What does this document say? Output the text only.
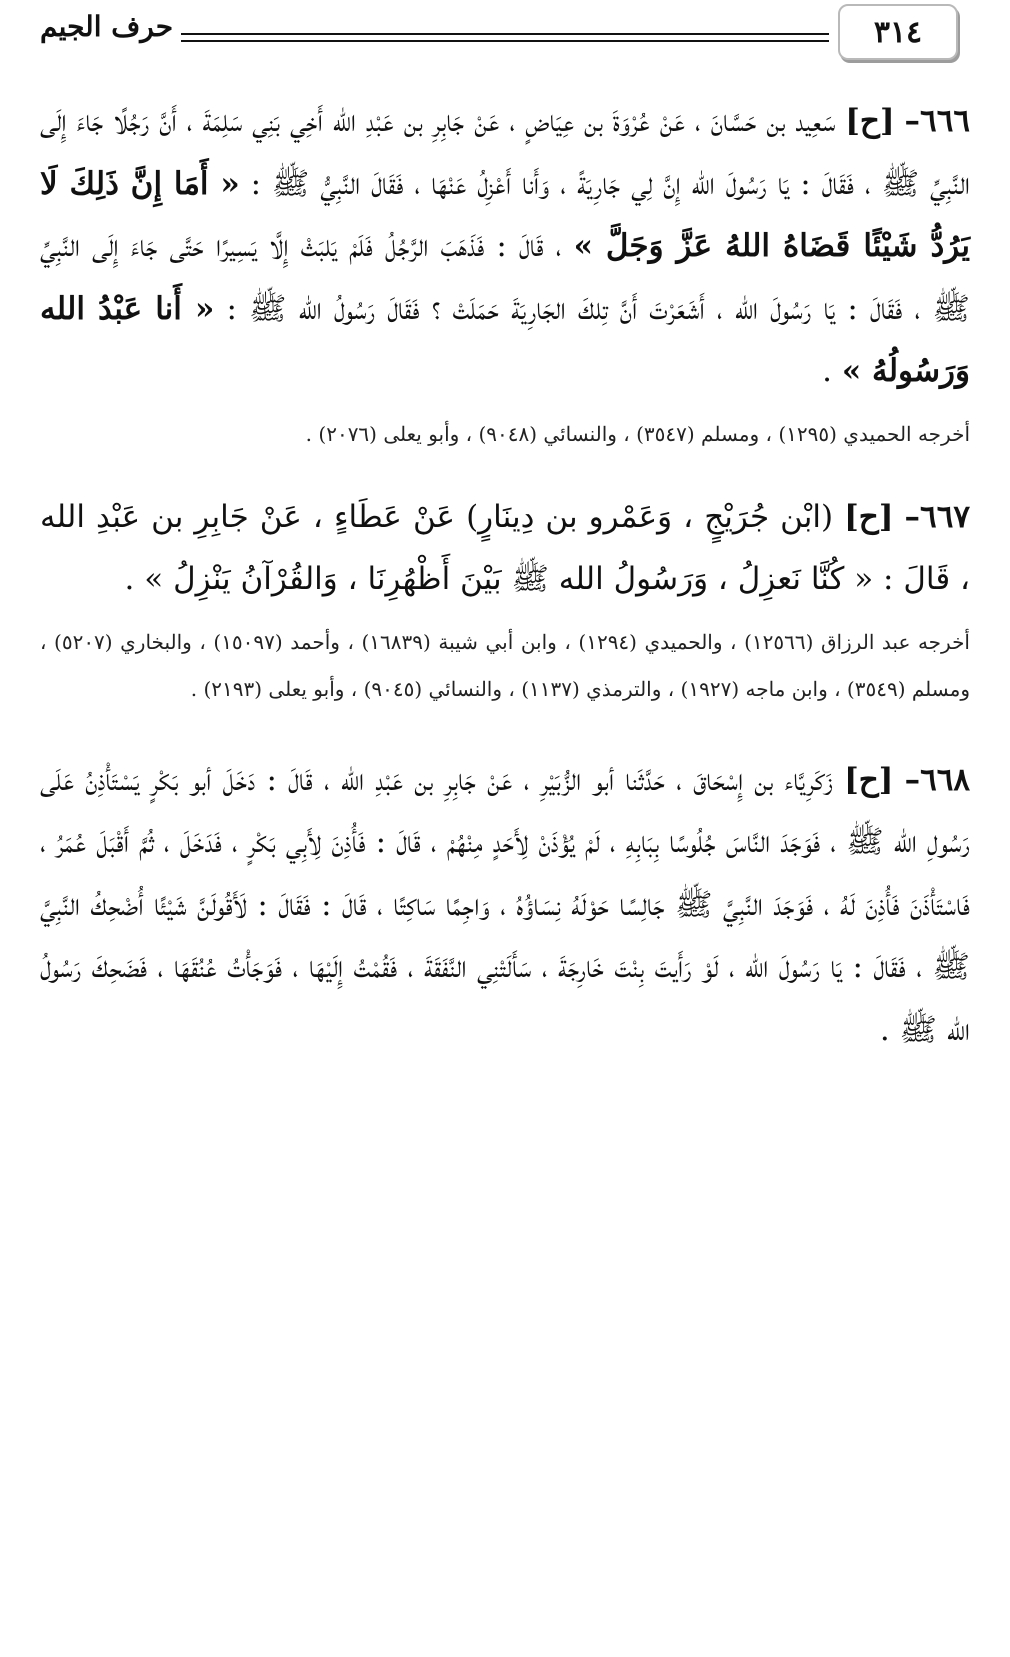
٣١٤
حرف الجيم

٦٦٦– [ح] سَعِيد بن حَسَّانَ ، عَنْ عُرْوَةَ بن عِيَاضٍ ، عَنْ جَابِرِ بن عَبْدِ الله أَخِي بَنِي سَلِمَةَ ، أَنَّ رَجُلًا جَاءَ إِلَى النَّبِيِّ ﷺ ، فَقَالَ : يَا رَسُولَ الله إِنَّ لِي جَارِيَةً ، وَأَنا أَعْزِلُ عَنْهَا ، فَقَالَ النَّبِيُّ ﷺ : « أَمَا إِنَّ ذَلِكَ لَا يَرُدُّ شَيْئًا قَضَاهُ اللهُ عَزَّ وَجَلَّ » ، قَالَ : فَذَهَبَ الرَّجُلُ فَلَمْ يَلبَثْ إِلَّا يَسِيرًا حَتَّى جَاءَ إِلَى النَّبِيِّ ﷺ ، فَقَالَ : يَا رَسُولَ الله ، أَشَعَرْتَ أَنَّ تِلكَ الجَارِيَةَ حَمَلَتْ ؟ فَقَالَ رَسُولُ الله ﷺ : « أَنا عَبْدُ الله وَرَسُولُهُ » .

أخرجه الحميدي (١٢٩٥) ، ومسلم (٣٥٤٧) ، والنسائي (٩٠٤٨) ، وأبو يعلى (٢٠٧٦) .

٦٦٧– [ح] (ابْن جُرَيْجٍ ، وَعَمْرو بن دِينَارٍ) عَنْ عَطَاءٍ ، عَنْ جَابِرِ بن عَبْدِ الله ، قَالَ : « كُنَّا نَعزِلُ ، وَرَسُولُ الله ﷺ بَيْنَ أَظْهُرِنَا ، وَالقُرْآنُ يَنْزِلُ » .

أخرجه عبد الرزاق (١٢٥٦٦) ، والحميدي (١٢٩٤) ، وابن أبي شيبة (١٦٨٣٩) ، وأحمد (١٥٠٩٧) ، والبخاري (٥٢٠٧) ، ومسلم (٣٥٤٩) ، وابن ماجه (١٩٢٧) ، والترمذي (١١٣٧) ، والنسائي (٩٠٤٥) ، وأبو يعلى (٢١٩٣) .

٦٦٨– [ح] زَكَرِيَّاء بن إِسْحَاقَ ، حَدَّثَنا أبو الزُّبَيْرِ ، عَنْ جَابِرِ بن عَبْدِ الله ، قَالَ : دَخَلَ أبو بَكْرٍ يَسْتَأْذِنُ عَلَى رَسُولِ الله ﷺ ، فَوَجَدَ النَّاسَ جُلُوسًا بِبَابِهِ ، لَمْ يُؤْذَنْ لِأَحَدٍ مِنْهُمْ ، قَالَ : فَأُذِنَ لِأَبِي بَكْرٍ ، فَدَخَلَ ، ثُمَّ أَقْبَلَ عُمَرُ ، فَاسْتَأْذَنَ فَأُذِنَ لَهُ ، فَوَجَدَ النَّبِيَّ ﷺ جَالِسًا حَوْلَهُ نِسَاؤُهُ ، وَاجِمًا سَاكِتًا ، قَالَ : فَقَالَ : لَأَقُولَنَّ شَيْئًا أُضْحِكُ النَّبِيَّ ﷺ ، فَقَالَ : يَا رَسُولَ الله ، لَوْ رَأَيتَ بِنْتَ خَارِجَةَ ، سَأَلَتْنِي النَّفَقَةَ ، فَقُمْتُ إِلَيْهَا ، فَوَجَأْتُ عُنُقَهَا ، فَضَحِكَ رَسُولُ الله ﷺ .
